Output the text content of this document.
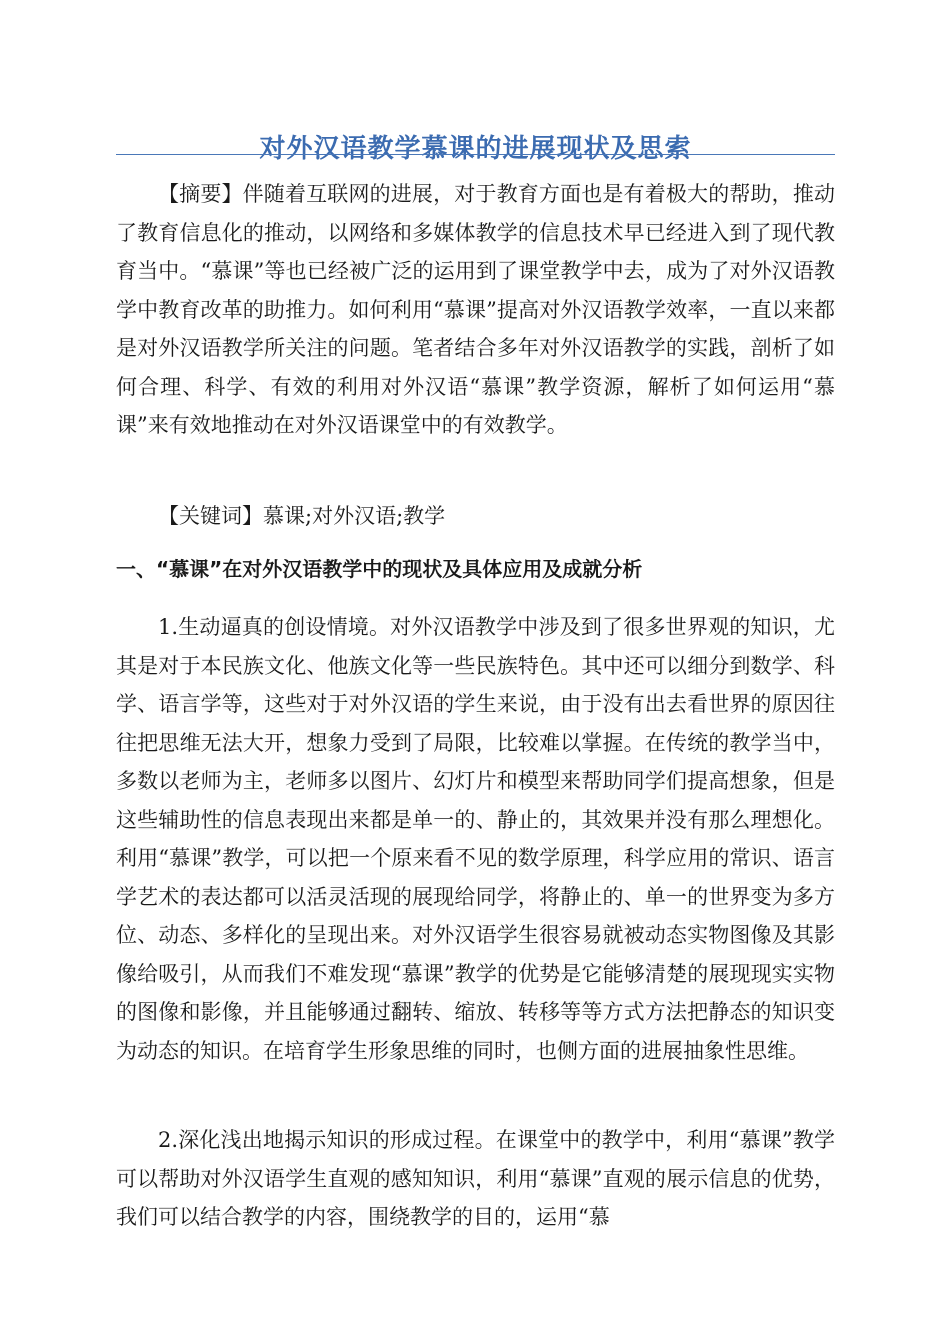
对外汉语教学慕课的进展现状及思索

【摘要】伴随着互联网的进展，对于教育方面也是有着极大的帮助，推动了教育信息化的推动，以网络和多媒体教学的信息技术早已经进入到了现代教育当中。“慕课”等也已经被广泛的运用到了课堂教学中去，成为了对外汉语教学中教育改革的助推力。如何利用“慕课”提高对外汉语教学效率，一直以来都是对外汉语教学所关注的问题。笔者结合多年对外汉语教学的实践，剖析了如何合理、科学、有效的利用对外汉语“慕课”教学资源，解析了如何运用“慕课”来有效地推动在对外汉语课堂中的有效教学。

【关键词】慕课;对外汉语;教学

一、“慕课”在对外汉语教学中的现状及具体应用及成就分析

1.生动逼真的创设情境。对外汉语教学中涉及到了很多世界观的知识，尤其是对于本民族文化、他族文化等一些民族特色。其中还可以细分到数学、科学、语言学等，这些对于对外汉语的学生来说，由于没有出去看世界的原因往往把思维无法大开，想象力受到了局限，比较难以掌握。在传统的教学当中，多数以老师为主，老师多以图片、幻灯片和模型来帮助同学们提高想象，但是这些辅助性的信息表现出来都是单一的、静止的，其效果并没有那么理想化。利用“慕课”教学，可以把一个原来看不见的数学原理，科学应用的常识、语言学艺术的表达都可以活灵活现的展现给同学，将静止的、单一的世界变为多方位、动态、多样化的呈现出来。对外汉语学生很容易就被动态实物图像及其影像给吸引，从而我们不难发现“慕课”教学的优势是它能够清楚的展现现实实物的图像和影像，并且能够通过翻转、缩放、转移等等方式方法把静态的知识变为动态的知识。在培育学生形象思维的同时，也侧方面的进展抽象性思维。

2.深化浅出地揭示知识的形成过程。在课堂中的教学中，利用“慕课”教学可以帮助对外汉语学生直观的感知知识，利用“慕课”直观的展示信息的优势，我们可以结合教学的内容，围绕教学的目的，运用“慕
